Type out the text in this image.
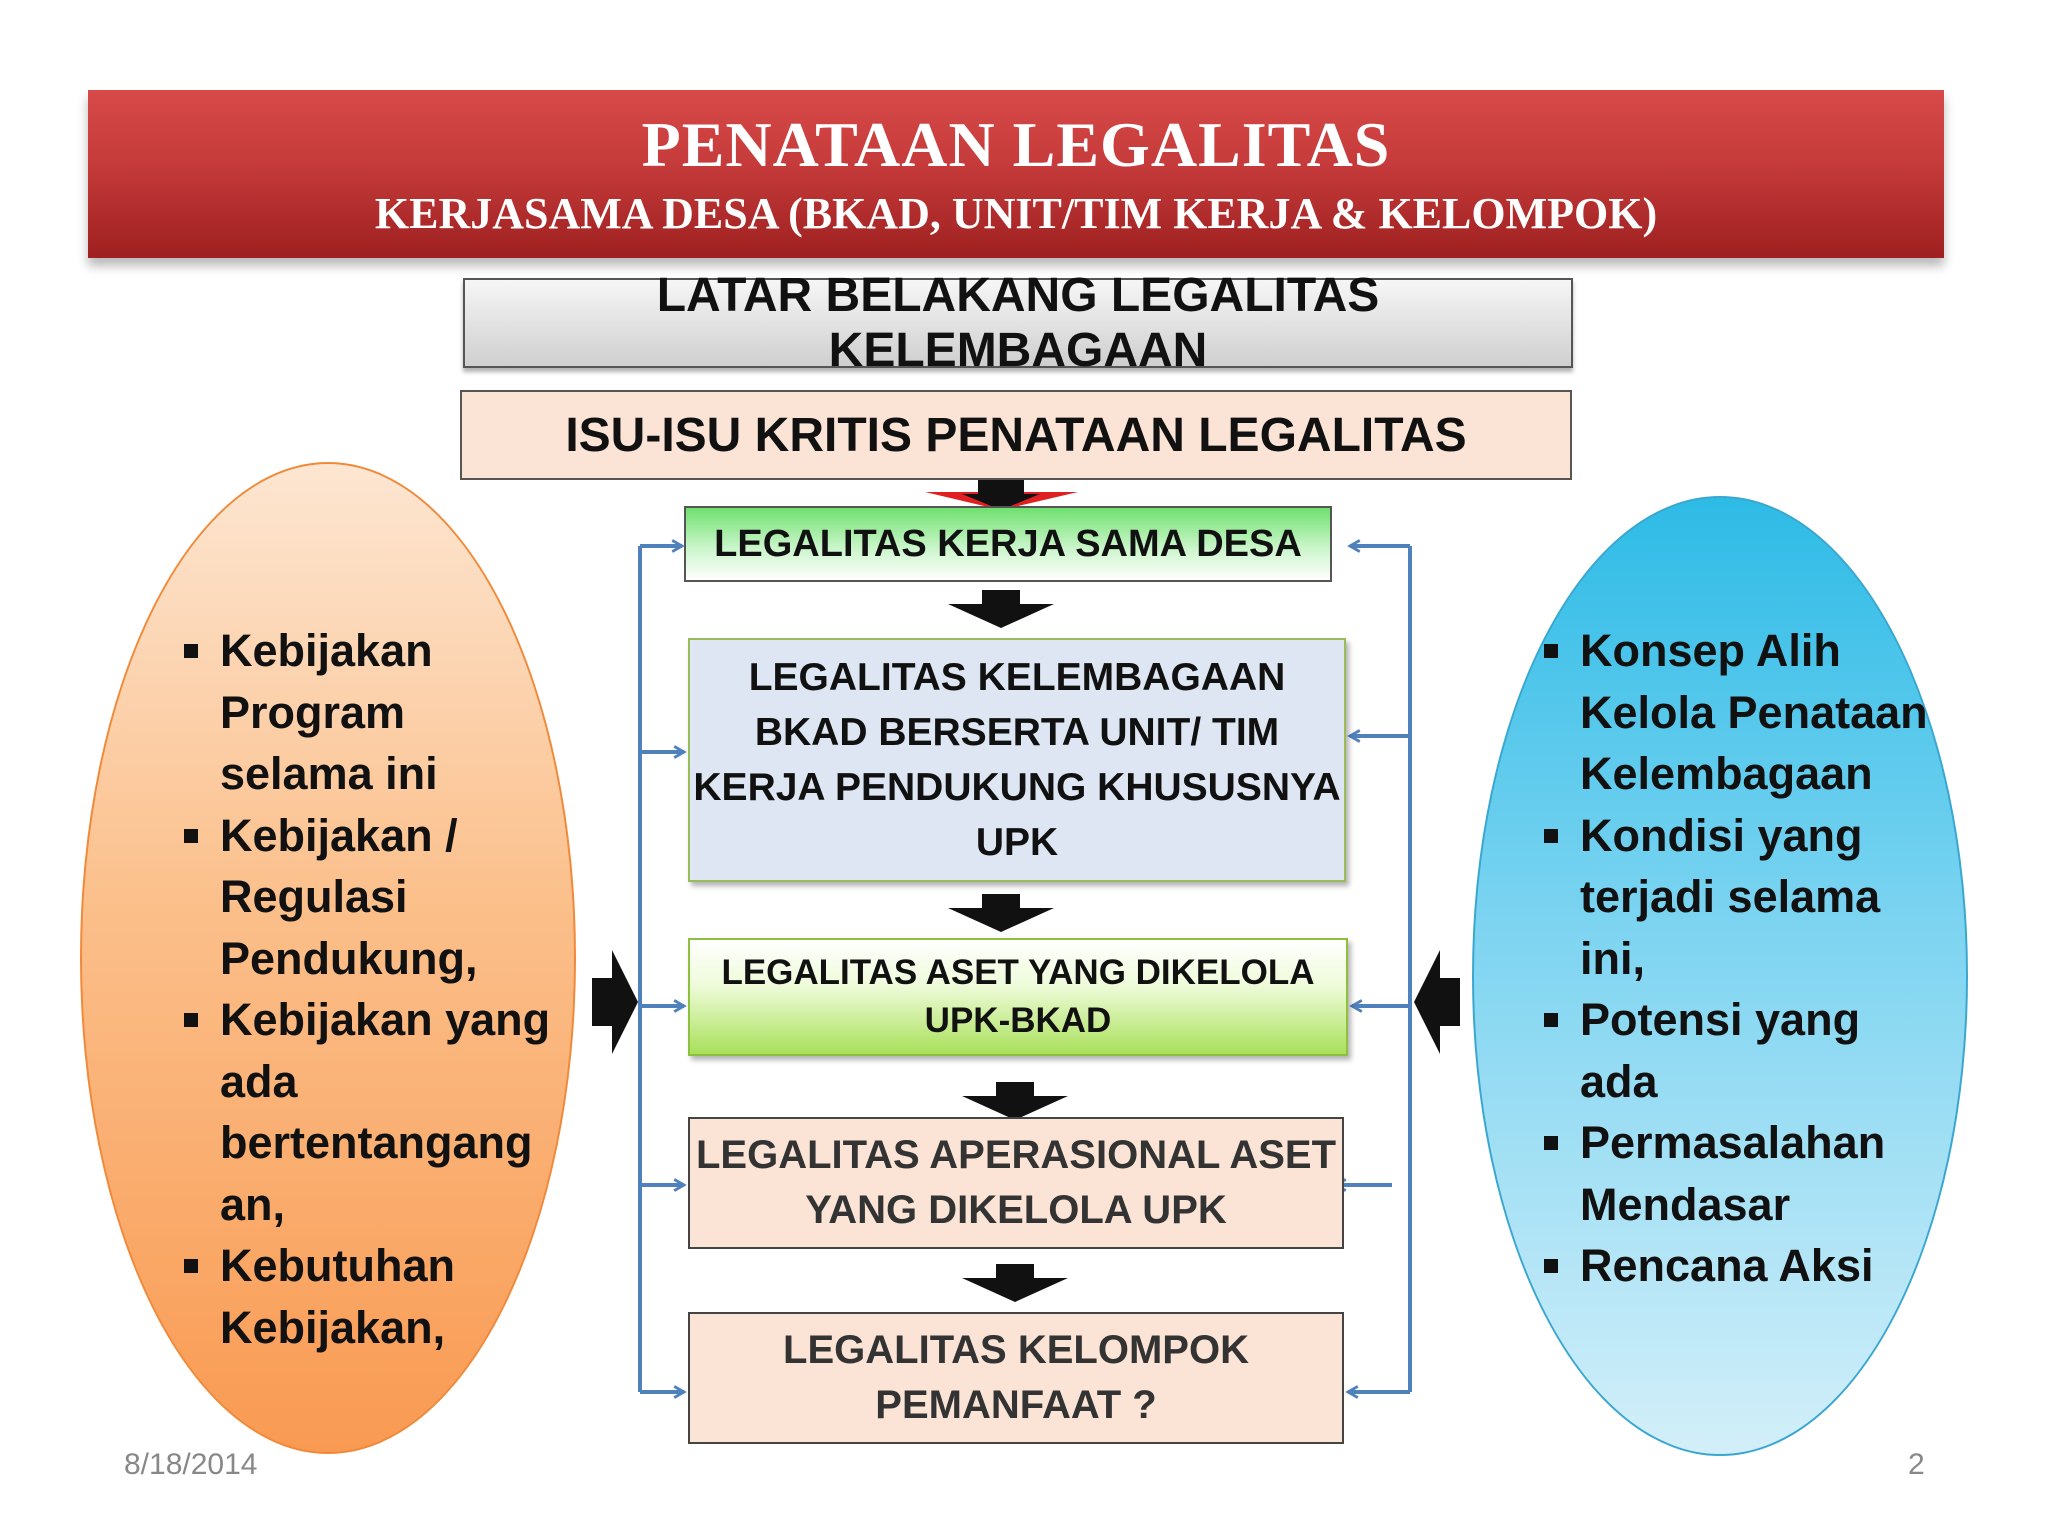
PENATAAN LEGALITAS
KERJASAMA DESA (BKAD, UNIT/TIM KERJA & KELOMPOK)
LATAR BELAKANG LEGALITAS KELEMBAGAAN
ISU-ISU KRITIS PENATAAN LEGALITAS
Kebijakan Program selama ini
Kebijakan / Regulasi Pendukung,
Kebijakan yang ada bertentangang an,
Kebutuhan Kebijakan,
Konsep Alih Kelola Penataan Kelembagaan
Kondisi yang terjadi selama ini,
Potensi yang ada
Permasalahan Mendasar
Rencana Aksi
LEGALITAS KERJA SAMA DESA
LEGALITAS KELEMBAGAAN BKAD BERSERTA UNIT/ TIM KERJA PENDUKUNG KHUSUSNYA UPK
LEGALITAS ASET YANG DIKELOLA UPK-BKAD
LEGALITAS APERASIONAL ASET YANG DIKELOLA UPK
LEGALITAS KELOMPOK PEMANFAAT ?
8/18/2014	2
